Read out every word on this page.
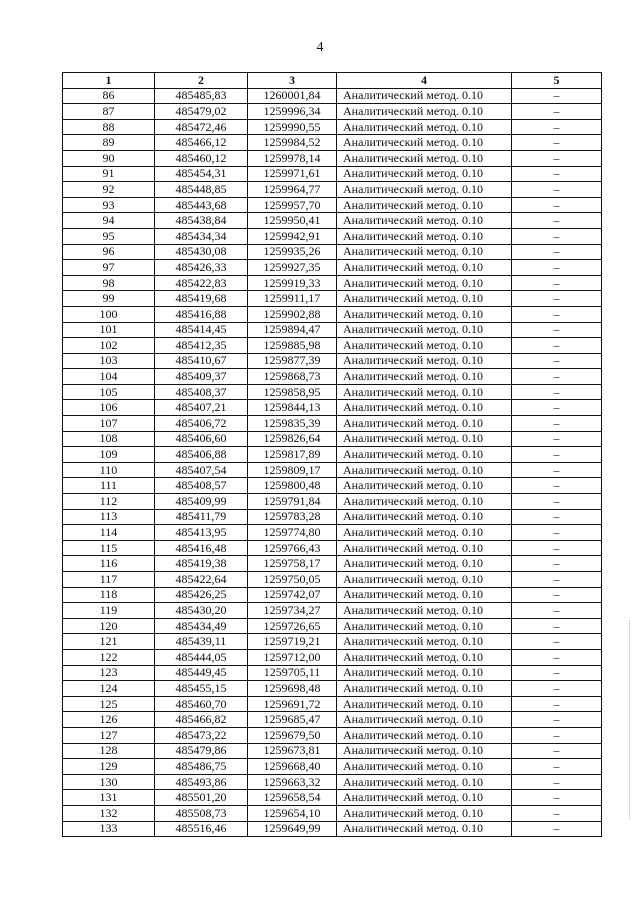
4
1	2	3	4	5
86	485485,83	1260001,84	Аналитический метод. 0.10	–
87	485479,02	1259996,34	Аналитический метод. 0.10	–
88	485472,46	1259990,55	Аналитический метод. 0.10	–
89	485466,12	1259984,52	Аналитический метод. 0.10	–
90	485460,12	1259978,14	Аналитический метод. 0.10	–
91	485454,31	1259971,61	Аналитический метод. 0.10	–
92	485448,85	1259964,77	Аналитический метод. 0.10	–
93	485443,68	1259957,70	Аналитический метод. 0.10	–
94	485438,84	1259950,41	Аналитический метод. 0.10	–
95	485434,34	1259942,91	Аналитический метод. 0.10	–
96	485430,08	1259935,26	Аналитический метод. 0.10	–
97	485426,33	1259927,35	Аналитический метод. 0.10	–
98	485422,83	1259919,33	Аналитический метод. 0.10	–
99	485419,68	1259911,17	Аналитический метод. 0.10	–
100	485416,88	1259902,88	Аналитический метод. 0.10	–
101	485414,45	1259894,47	Аналитический метод. 0.10	–
102	485412,35	1259885,98	Аналитический метод. 0.10	–
103	485410,67	1259877,39	Аналитический метод. 0.10	–
104	485409,37	1259868,73	Аналитический метод. 0.10	–
105	485408,37	1259858,95	Аналитический метод. 0.10	–
106	485407,21	1259844,13	Аналитический метод. 0.10	–
107	485406,72	1259835,39	Аналитический метод. 0.10	–
108	485406,60	1259826,64	Аналитический метод. 0.10	–
109	485406,88	1259817,89	Аналитический метод. 0.10	–
110	485407,54	1259809,17	Аналитический метод. 0.10	–
111	485408,57	1259800,48	Аналитический метод. 0.10	–
112	485409,99	1259791,84	Аналитический метод. 0.10	–
113	485411,79	1259783,28	Аналитический метод. 0.10	–
114	485413,95	1259774,80	Аналитический метод. 0.10	–
115	485416,48	1259766,43	Аналитический метод. 0.10	–
116	485419,38	1259758,17	Аналитический метод. 0.10	–
117	485422,64	1259750,05	Аналитический метод. 0.10	–
118	485426,25	1259742,07	Аналитический метод. 0.10	–
119	485430,20	1259734,27	Аналитический метод. 0.10	–
120	485434,49	1259726,65	Аналитический метод. 0.10	–
121	485439,11	1259719,21	Аналитический метод. 0.10	–
122	485444,05	1259712,00	Аналитический метод. 0.10	–
123	485449,45	1259705,11	Аналитический метод. 0.10	–
124	485455,15	1259698,48	Аналитический метод. 0.10	–
125	485460,70	1259691,72	Аналитический метод. 0.10	–
126	485466,82	1259685,47	Аналитический метод. 0.10	–
127	485473,22	1259679,50	Аналитический метод. 0.10	–
128	485479,86	1259673,81	Аналитический метод. 0.10	–
129	485486,75	1259668,40	Аналитический метод. 0.10	–
130	485493,86	1259663,32	Аналитический метод. 0.10	–
131	485501,20	1259658,54	Аналитический метод. 0.10	–
132	485508,73	1259654,10	Аналитический метод. 0.10	–
133	485516,46	1259649,99	Аналитический метод. 0.10	–
